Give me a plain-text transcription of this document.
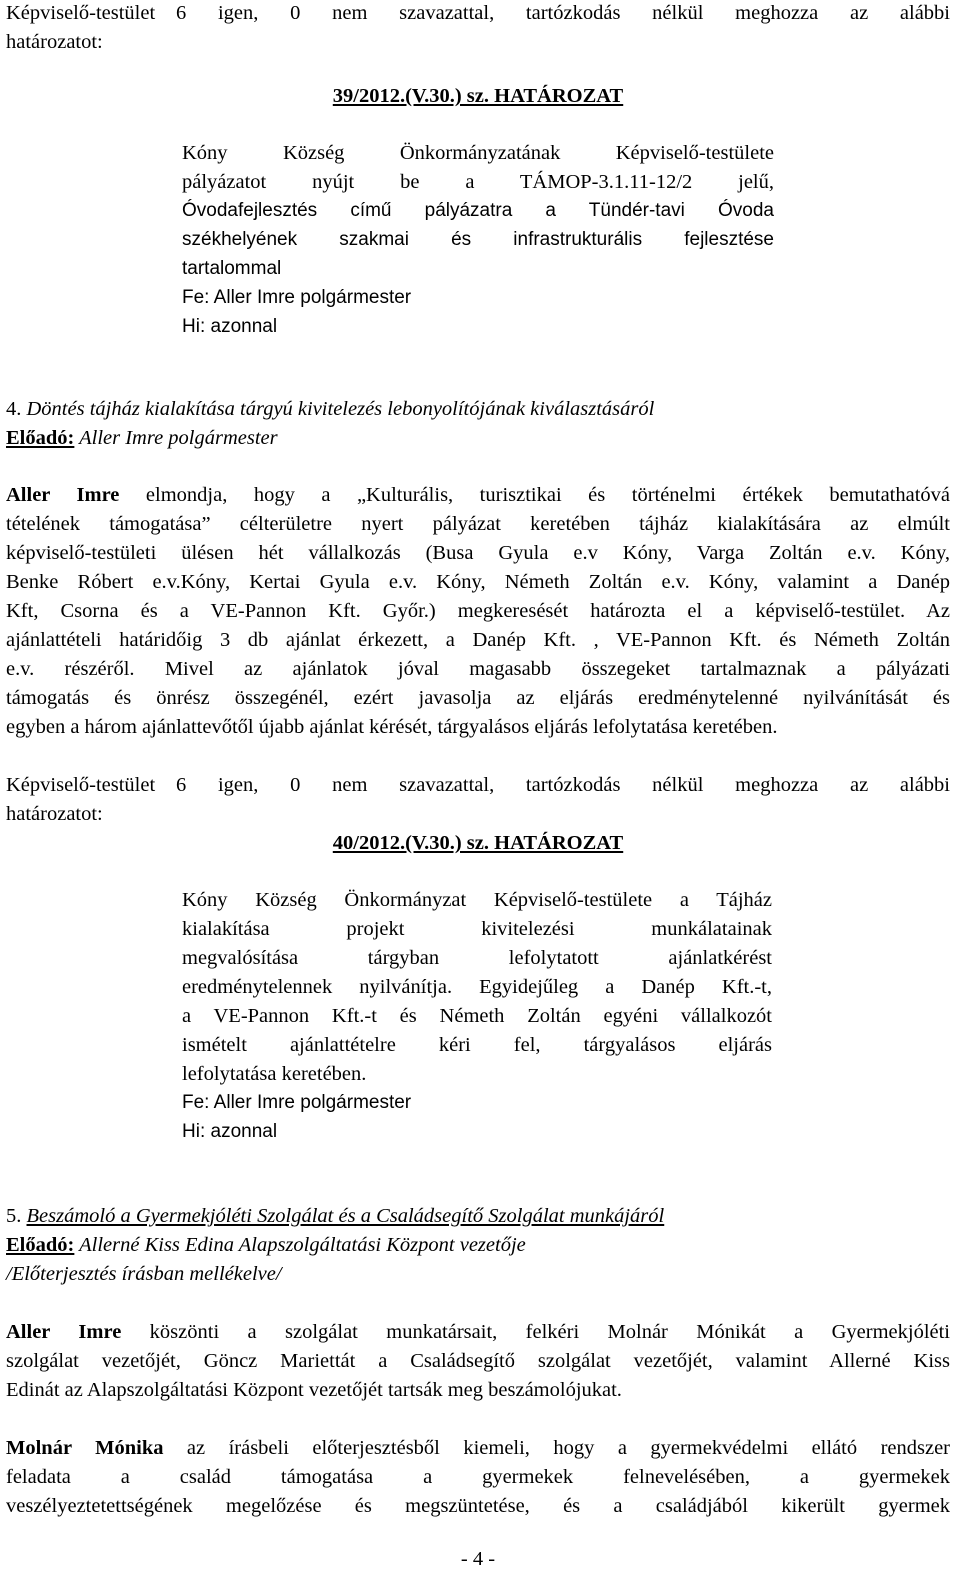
Képviselő-testület 6 igen, 0 nem szavazattal, tartózkodás nélkül meghozza az alábbi
határozatot:
39/2012.(V.30.) sz. HATÁROZAT
Kóny Község Önkormányzatának Képviselő-testülete
pályázatot nyújt be a TÁMOP-3.1.11-12/2 jelű,
Óvodafejlesztés című pályázatra a Tündér-tavi Óvoda
székhelyének szakmai és infrastrukturális fejlesztése
tartalommal
Fe: Aller Imre polgármester
Hi: azonnal
4. Döntés tájház kialakítása tárgyú kivitelezés lebonyolítójának kiválasztásáról
Előadó: Aller Imre polgármester
Aller Imre elmondja, hogy a „Kulturális, turisztikai és történelmi értékek bemutathatóvá
tételének támogatása” célterületre nyert pályázat keretében tájház kialakítására az elmúlt
képviselő-testületi ülésen hét vállalkozás (Busa Gyula e.v Kóny, Varga Zoltán e.v. Kóny,
Benke Róbert e.v.Kóny, Kertai Gyula e.v. Kóny, Németh Zoltán e.v. Kóny, valamint a Danép
Kft, Csorna és a VE-Pannon Kft. Győr.) megkeresését határozta el a képviselő-testület. Az
ajánlattételi határidőig 3 db ajánlat érkezett, a Danép Kft. , VE-Pannon Kft. és Németh Zoltán
e.v. részéről. Mivel az ajánlatok jóval magasabb összegeket tartalmaznak a pályázati
támogatás és önrész összegénél, ezért javasolja az eljárás eredménytelenné nyilvánítását és
egyben a három ajánlattevőtől újabb ajánlat kérését, tárgyalásos eljárás lefolytatása keretében.
Képviselő-testület 6 igen, 0 nem szavazattal, tartózkodás nélkül meghozza az alábbi
határozatot:
40/2012.(V.30.) sz. HATÁROZAT
Kóny Község Önkormányzat Képviselő-testülete a Tájház
kialakítása projekt kivitelezési munkálatainak
megvalósítása tárgyban lefolytatott ajánlatkérést
eredménytelennek nyilvánítja. Egyidejűleg a Danép Kft.-t,
a VE-Pannon Kft.-t és Németh Zoltán egyéni vállalkozót
ismételt ajánlattételre kéri fel, tárgyalásos eljárás
lefolytatása keretében.
Fe: Aller Imre polgármester
Hi: azonnal
5. Beszámoló a Gyermekjóléti Szolgálat és a Családsegítő Szolgálat munkájáról
Előadó: Allerné Kiss Edina Alapszolgáltatási Központ vezetője
/Előterjesztés írásban mellékelve/
Aller Imre köszönti a szolgálat munkatársait, felkéri Molnár Mónikát a Gyermekjóléti
szolgálat vezetőjét, Göncz Mariettát a Családsegítő szolgálat vezetőjét, valamint Allerné Kiss
Edinát az Alapszolgáltatási Központ vezetőjét tartsák meg beszámolójukat.
Molnár Mónika az írásbeli előterjesztésből kiemeli, hogy a gyermekvédelmi ellátó rendszer
feladata a család támogatása a gyermekek felnevelésében, a gyermekek
veszélyeztetettségének megelőzése és megszüntetése, és a családjából kikerült gyermek
- 4 -
